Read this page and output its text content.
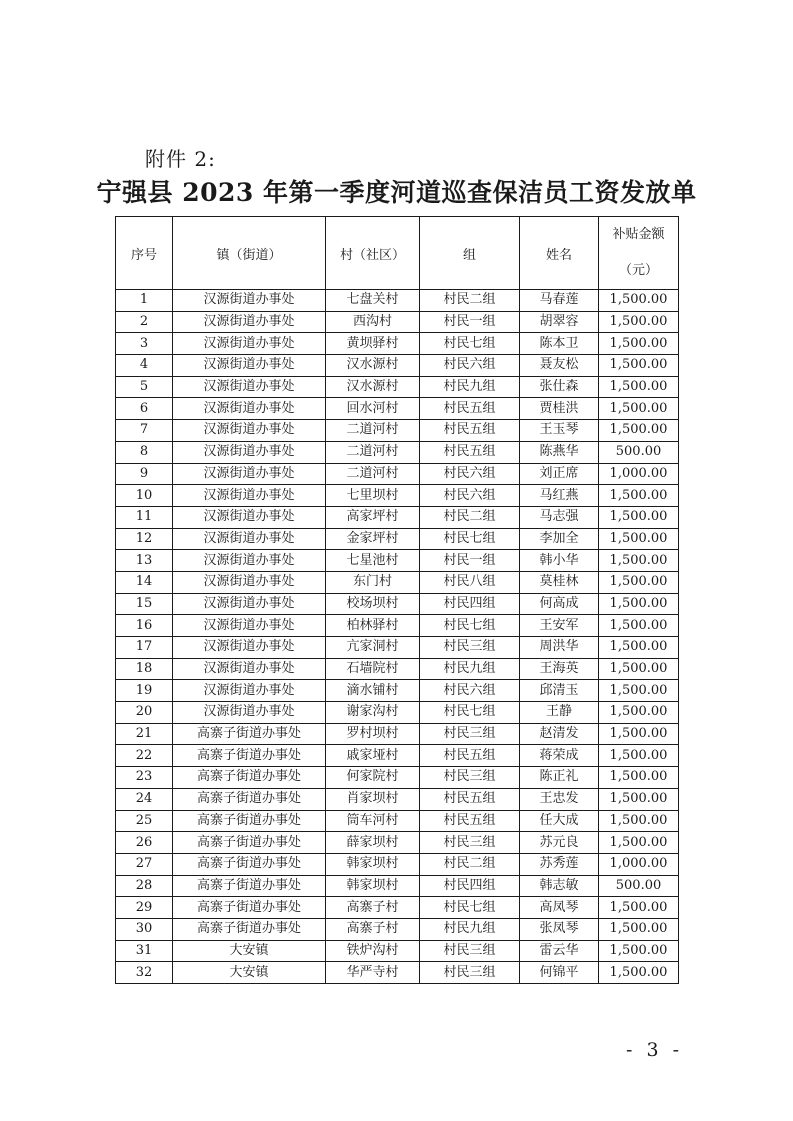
附件 2:
宁强县 2023 年第一季度河道巡查保洁员工资发放单
序号	镇（街道）	村（社区）	组	姓名	补贴金额
（元）

1	汉源街道办事处	七盘关村	村民二组	马春莲	1,500.00
2	汉源街道办事处	西沟村	村民一组	胡翠容	1,500.00
3	汉源街道办事处	黄坝驿村	村民七组	陈本卫	1,500.00
4	汉源街道办事处	汉水源村	村民六组	聂友松	1,500.00
5	汉源街道办事处	汉水源村	村民九组	张仕森	1,500.00
6	汉源街道办事处	回水河村	村民五组	贾桂洪	1,500.00
7	汉源街道办事处	二道河村	村民五组	王玉琴	1,500.00
8	汉源街道办事处	二道河村	村民五组	陈燕华	500.00
9	汉源街道办事处	二道河村	村民六组	刘正席	1,000.00
10	汉源街道办事处	七里坝村	村民六组	马红燕	1,500.00
11	汉源街道办事处	高家坪村	村民二组	马志强	1,500.00
12	汉源街道办事处	金家坪村	村民七组	李加全	1,500.00
13	汉源街道办事处	七星池村	村民一组	韩小华	1,500.00
14	汉源街道办事处	东门村	村民八组	莫桂林	1,500.00
15	汉源街道办事处	校场坝村	村民四组	何高成	1,500.00
16	汉源街道办事处	柏林驿村	村民七组	王安军	1,500.00
17	汉源街道办事处	亢家洞村	村民三组	周洪华	1,500.00
18	汉源街道办事处	石墙院村	村民九组	王海英	1,500.00
19	汉源街道办事处	滴水铺村	村民六组	邱清玉	1,500.00
20	汉源街道办事处	谢家沟村	村民七组	王静	1,500.00
21	高寨子街道办事处	罗村坝村	村民三组	赵清发	1,500.00
22	高寨子街道办事处	戚家垭村	村民五组	蒋荣成	1,500.00
23	高寨子街道办事处	何家院村	村民三组	陈正礼	1,500.00
24	高寨子街道办事处	肖家坝村	村民五组	王忠发	1,500.00
25	高寨子街道办事处	筒车河村	村民五组	任大成	1,500.00
26	高寨子街道办事处	薛家坝村	村民三组	苏元良	1,500.00
27	高寨子街道办事处	韩家坝村	村民二组	苏秀莲	1,000.00
28	高寨子街道办事处	韩家坝村	村民四组	韩志敏	500.00
29	高寨子街道办事处	高寨子村	村民七组	高凤琴	1,500.00
30	高寨子街道办事处	高寨子村	村民九组	张凤琴	1,500.00
31	大安镇	铁炉沟村	村民三组	雷云华	1,500.00
32	大安镇	华严寺村	村民三组	何锦平	1,500.00
- 3 -
